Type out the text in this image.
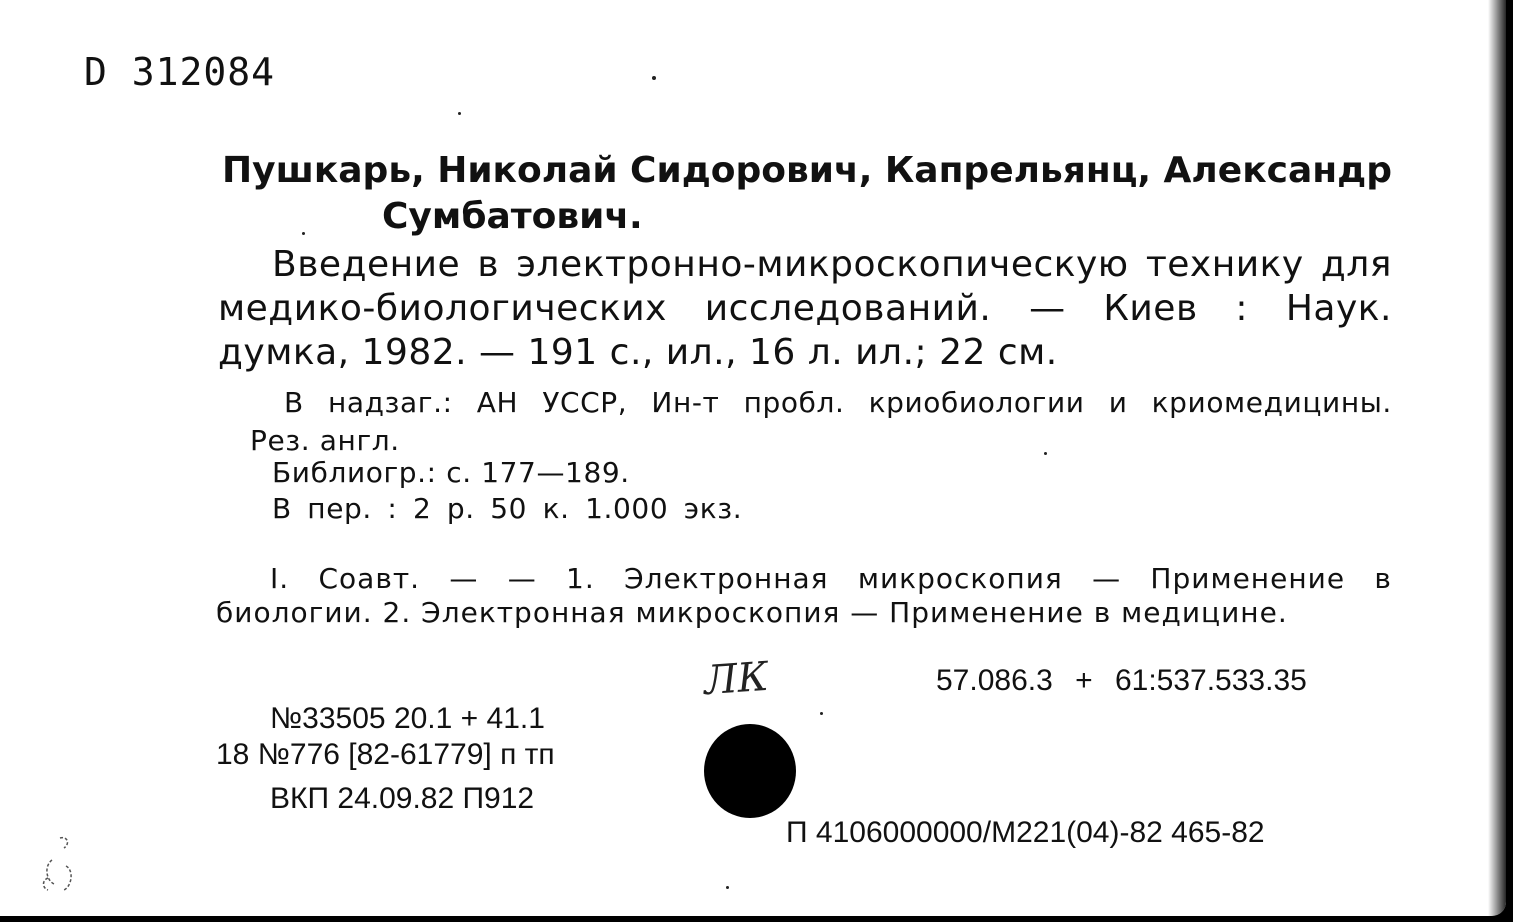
D 312084
Пушкарь, Николай Сидорович, Капрельянц, Александр
Сумбатович.
Введение в электронно-микроскопическую технику для
медико-биологических исследований. — Киев : Наук.
думка, 1982. — 191 с., ил., 16 л. ил.; 22 см.
В надзаг.: АН УССР, Ин-т пробл. криобиологии и криомедицины.
Рез. англ.
Библиогр.: с. 177—189.
В пер. : 2 р. 50 к. 1.000 экз.
I. Соавт. — — 1. Электронная микроскопия — Применение в
биологии. 2. Электронная микроскопия — Применение в медицине.
ЛК	57.086.3 + 61:537.533.35
№33505 20.1 + 41.1
18 №776 [82-61779] п тп
ВКП 24.09.82 П912
П 4106000000/М221(04)-82 465-82
